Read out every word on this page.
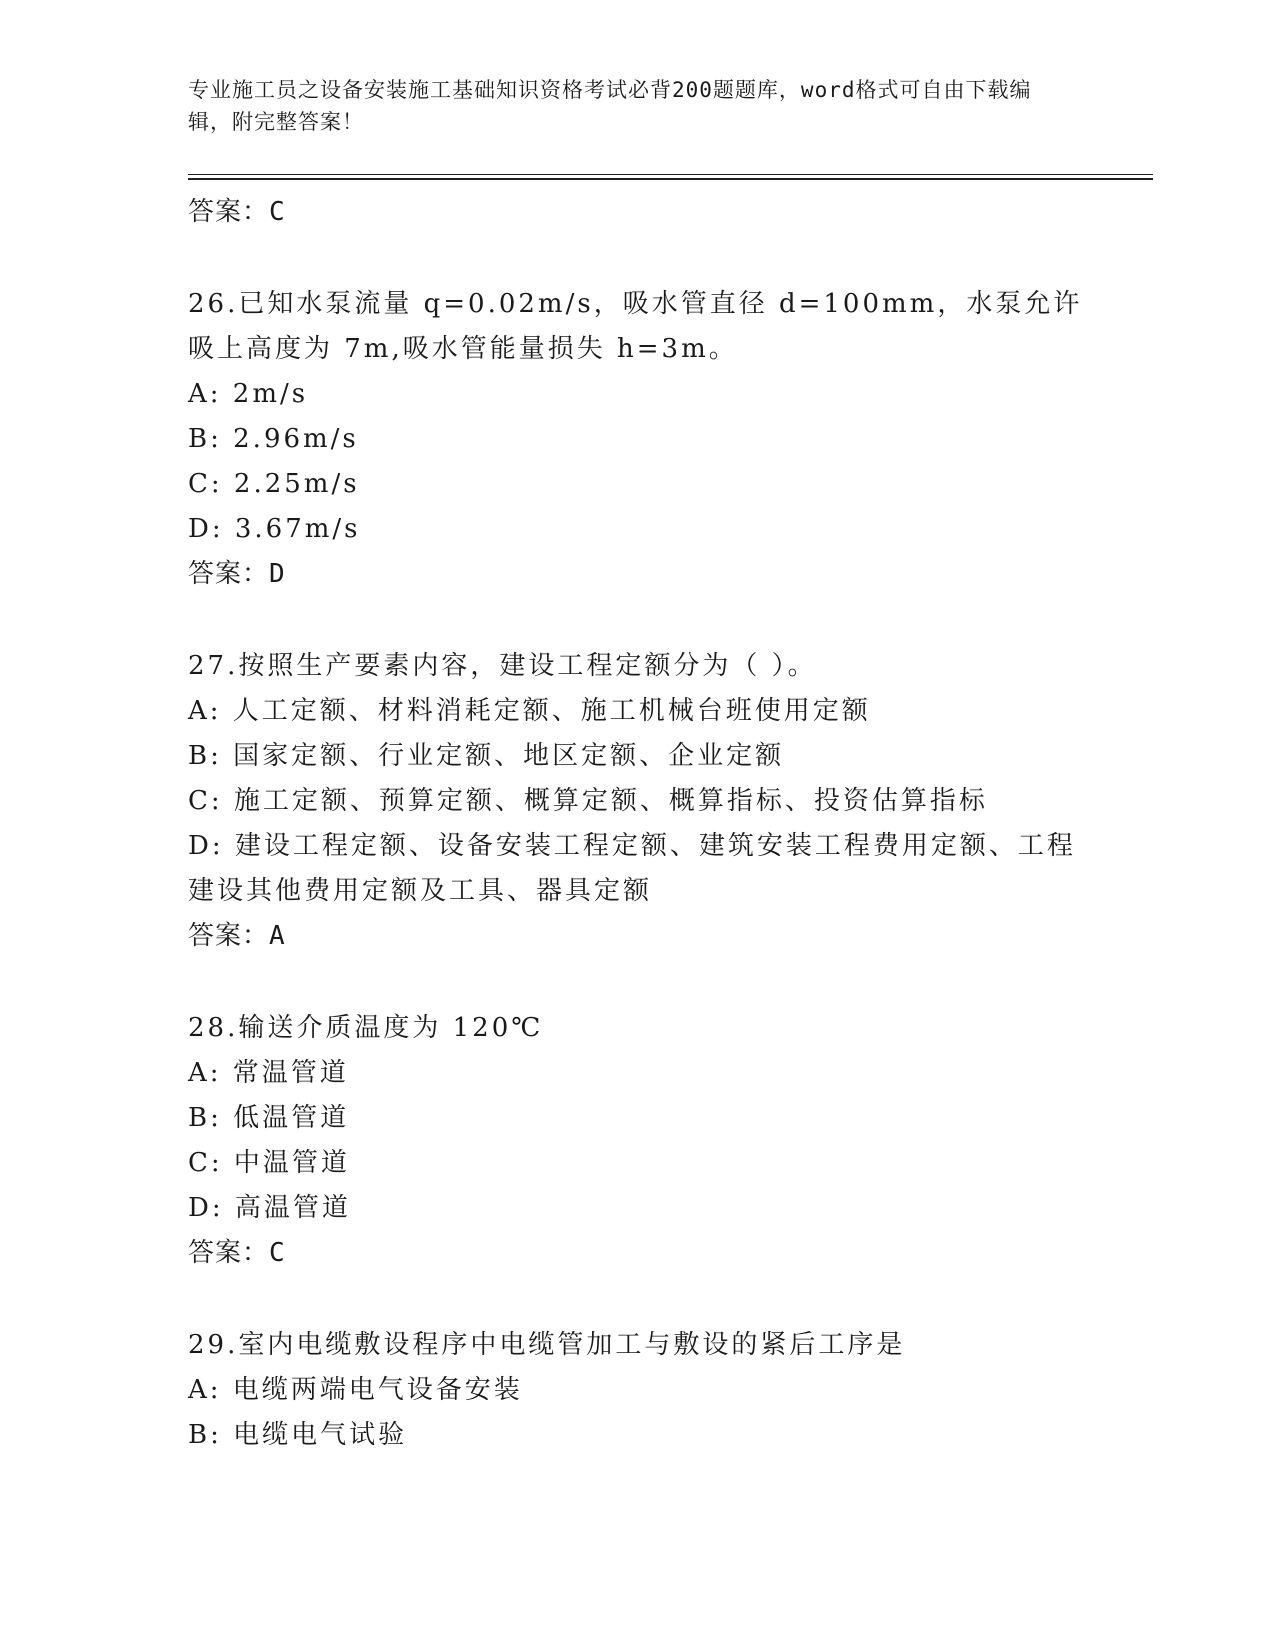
专业施工员之设备安装施工基础知识资格考试必背200题题库，word格式可自由下载编辑，附完整答案！
答案：C
26.已知水泵流量 q=0.02m/s，吸水管直径 d=100mm，水泵允许吸上高度为 7m,吸水管能量损失 h=3m。
A: 2m/s
B: 2.96m/s
C: 2.25m/s
D: 3.67m/s
答案：D
27.按照生产要素内容，建设工程定额分为（ ）。
A: 人工定额、材料消耗定额、施工机械台班使用定额
B: 国家定额、行业定额、地区定额、企业定额
C: 施工定额、预算定额、概算定额、概算指标、投资估算指标
D: 建设工程定额、设备安装工程定额、建筑安装工程费用定额、工程建设其他费用定额及工具、器具定额
答案：A
28.输送介质温度为 120℃
A: 常温管道
B: 低温管道
C: 中温管道
D: 高温管道
答案：C
29.室内电缆敷设程序中电缆管加工与敷设的紧后工序是
A: 电缆两端电气设备安装
B: 电缆电气试验
